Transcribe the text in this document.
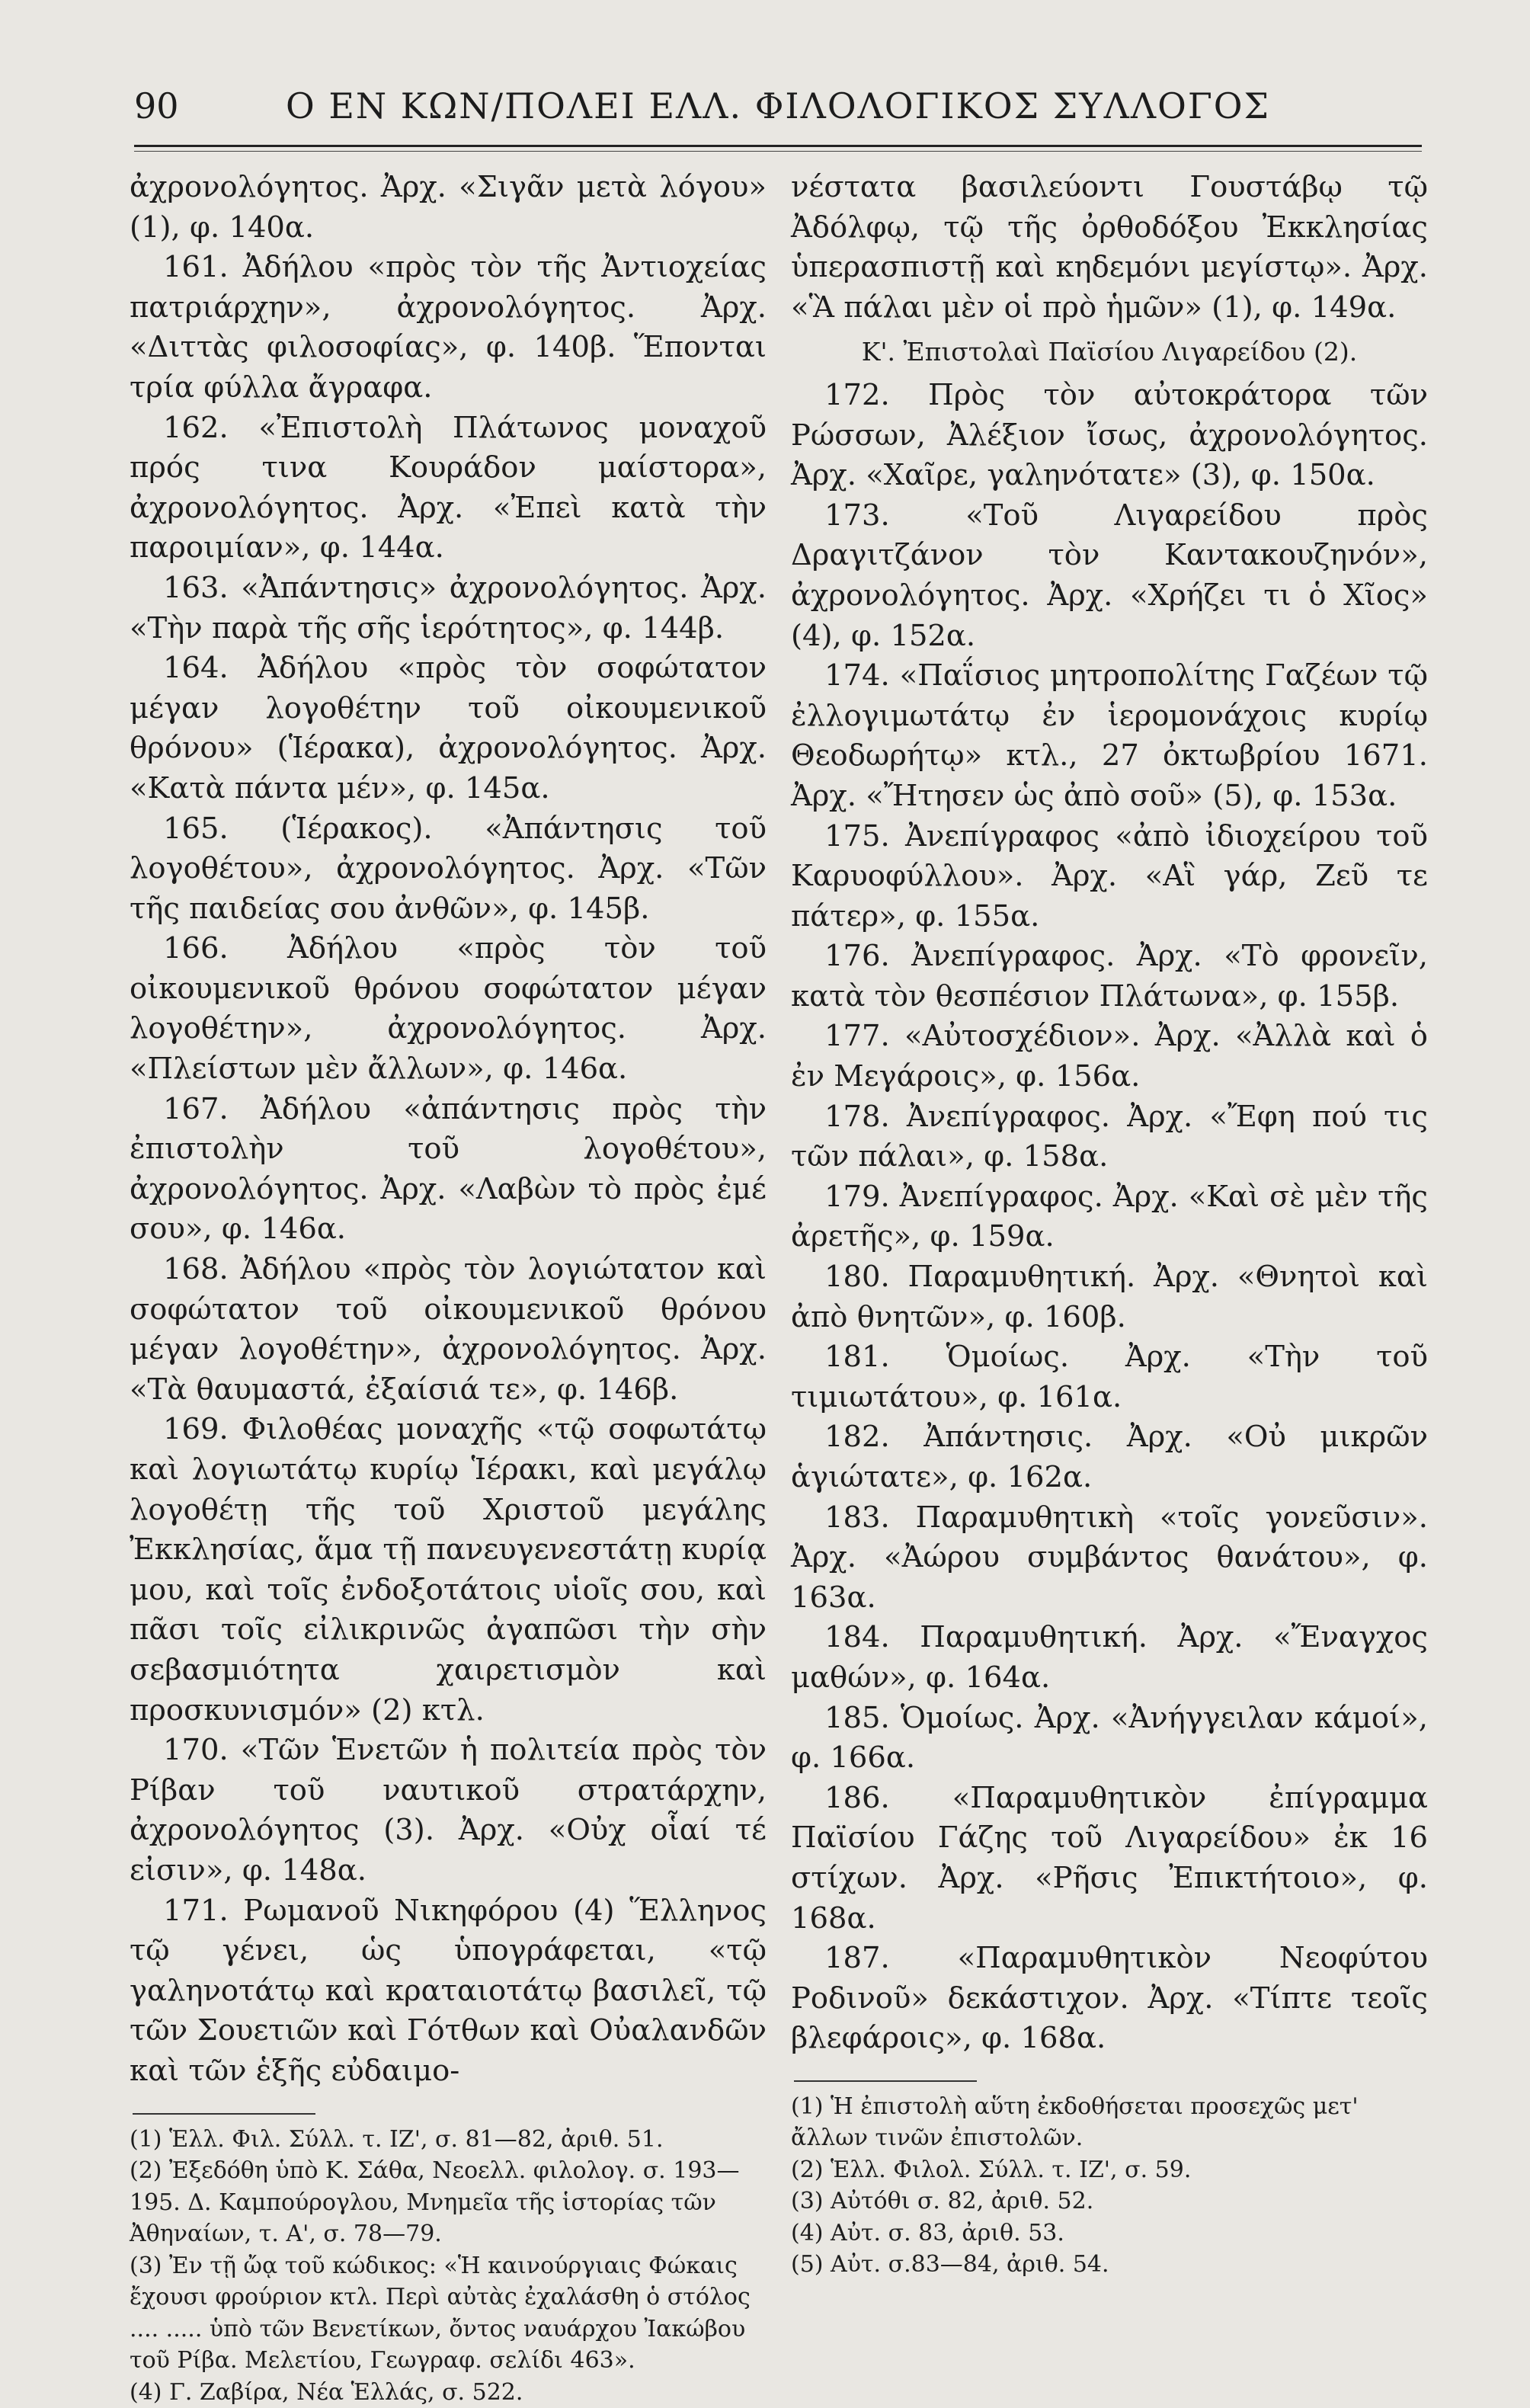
90	Ο ΕΝ ΚΩΝ/ΠΟΛΕΙ ΕΛΛ. ΦΙΛΟΛΟΓΙΚΟΣ ΣΥΛΛΟΓΟΣ

ἀχρονολόγητος. Ἀρχ. «Σιγᾶν μετὰ λόγου» (1), φ. 140α.

161. Ἀδήλου «πρὸς τὸν τῆς Ἀντιοχείας πατριάρχην», ἀχρονολόγητος. Ἀρχ. «Διττὰς φιλοσοφίας», φ. 140β. Ἕπονται τρία φύλλα ἄγραφα.

162. «Ἐπιστολὴ Πλάτωνος μοναχοῦ πρός τινα Κουράδον μαίστορα», ἀχρονολόγητος. Ἀρχ. «Ἐπεὶ κατὰ τὴν παροιμίαν», φ. 144α.

163. «Ἀπάντησις» ἀχρονολόγητος. Ἀρχ. «Τὴν παρὰ τῆς σῆς ἱερότητος», φ. 144β.

164. Ἀδήλου «πρὸς τὸν σοφώτατον μέγαν λογοθέτην τοῦ οἰκουμενικοῦ θρόνου» (Ἱέρακα), ἀχρονολόγητος. Ἀρχ. «Κατὰ πάντα μέν», φ. 145α.

165. (Ἱέρακος). «Ἀπάντησις τοῦ λογοθέτου», ἀχρονολόγητος. Ἀρχ. «Τῶν τῆς παιδείας σου ἀνθῶν», φ. 145β.

166. Ἀδήλου «πρὸς τὸν τοῦ οἰκουμενικοῦ θρόνου σοφώτατον μέγαν λογοθέτην», ἀχρονολόγητος. Ἀρχ. «Πλείστων μὲν ἄλλων», φ. 146α.

167. Ἀδήλου «ἀπάντησις πρὸς τὴν ἐπιστολὴν τοῦ λογοθέτου», ἀχρονολόγητος. Ἀρχ. «Λαβὼν τὸ πρὸς ἐμέ σου», φ. 146α.

168. Ἀδήλου «πρὸς τὸν λογιώτατον καὶ σοφώτατον τοῦ οἰκουμενικοῦ θρόνου μέγαν λογοθέτην», ἀχρονολόγητος. Ἀρχ. «Τὰ θαυμαστά, ἐξαίσιά τε», φ. 146β.

169. Φιλοθέας μοναχῆς «τῷ σοφωτάτῳ καὶ λογιωτάτῳ κυρίῳ Ἱέρακι, καὶ μεγάλῳ λογοθέτῃ τῆς τοῦ Χριστοῦ μεγάλης Ἐκκλησίας, ἅμα τῇ πανευγενεστάτῃ κυρίᾳ μου, καὶ τοῖς ἐνδοξοτάτοις υἱοῖς σου, καὶ πᾶσι τοῖς εἰλικρινῶς ἀγαπῶσι τὴν σὴν σεβασμιότητα χαιρετισμὸν καὶ προσκυνισμόν» (2) κτλ.

170. «Τῶν Ἑνετῶν ἡ πολιτεία πρὸς τὸν Ρίβαν τοῦ ναυτικοῦ στρατάρχην, ἀχρονολόγητος (3). Ἀρχ. «Οὐχ οἷαί τέ εἰσιν», φ. 148α.

171. Ρωμανοῦ Νικηφόρου (4) Ἕλληνος τῷ γένει, ὡς ὑπογράφεται, «τῷ γαληνοτάτῳ καὶ κραταιοτάτῳ βασιλεῖ, τῷ τῶν Σουετιῶν καὶ Γότθων καὶ Οὐαλανδῶν καὶ τῶν ἑξῆς εὐδαιμο-

(1) Ἑλλ. Φιλ. Σύλλ. τ. ΙΖ', σ. 81—82, ἀριθ. 51.

(2) Ἐξεδόθη ὑπὸ Κ. Σάθα, Νεοελλ. φιλολογ. σ. 193—195. Δ. Καμπούρογλου, Μνημεῖα τῆς ἱστορίας τῶν Ἀθηναίων, τ. Α', σ. 78—79.

(3) Ἐν τῇ ὤᾳ τοῦ κώδικος: «Ἡ καινούργιαις Φώκαις ἔχουσι φρούριον κτλ. Περὶ αὐτὰς ἐχαλάσθη ὁ στόλος .... ..... ὑπὸ τῶν Βενετίκων, ὄντος ναυάρχου Ἰακώβου τοῦ Ρίβα. Μελετίου, Γεωγραφ. σελίδι 463».

(4) Γ. Ζαβίρα, Νέα Ἑλλάς, σ. 522.

νέστατα βασιλεύοντι Γουστάβῳ τῷ Ἀδόλφῳ, τῷ τῆς ὀρθοδόξου Ἐκκλησίας ὑπερασπιστῇ καὶ κηδεμόνι μεγίστῳ». Ἀρχ. «Ἃ πάλαι μὲν οἱ πρὸ ἡμῶν» (1), φ. 149α.

Κ'. Ἐπιστολαὶ Παϊσίου Λιγαρείδου (2).

172. Πρὸς τὸν αὐτοκράτορα τῶν Ρώσσων, Ἀλέξιον ἴσως, ἀχρονολόγητος. Ἀρχ. «Χαῖρε, γαληνότατε» (3), φ. 150α.

173. «Τοῦ Λιγαρείδου πρὸς Δραγιτζάνον τὸν Καντακουζηνόν», ἀχρονολόγητος. Ἀρχ. «Χρήζει τι ὁ Χῖος» (4), φ. 152α.

174. «Παΐσιος μητροπολίτης Γαζέων τῷ ἐλλογιμωτάτῳ ἐν ἱερομονάχοις κυρίῳ Θεοδωρήτῳ» κτλ., 27 ὀκτωβρίου 1671. Ἀρχ. «Ἤτησεν ὡς ἀπὸ σοῦ» (5), φ. 153α.

175. Ἀνεπίγραφος «ἀπὸ ἰδιοχείρου τοῦ Καρυοφύλλου». Ἀρχ. «Αἳ γάρ, Ζεῦ τε πάτερ», φ. 155α.

176. Ἀνεπίγραφος. Ἀρχ. «Τὸ φρονεῖν, κατὰ τὸν θεσπέσιον Πλάτωνα», φ. 155β.

177. «Αὐτοσχέδιον». Ἀρχ. «Ἀλλὰ καὶ ὁ ἐν Μεγάροις», φ. 156α.

178. Ἀνεπίγραφος. Ἀρχ. «Ἔφη πού τις τῶν πάλαι», φ. 158α.

179. Ἀνεπίγραφος. Ἀρχ. «Καὶ σὲ μὲν τῆς ἀρετῆς», φ. 159α.

180. Παραμυθητική. Ἀρχ. «Θνητοὶ καὶ ἀπὸ θνητῶν», φ. 160β.

181. Ὁμοίως. Ἀρχ. «Τὴν τοῦ τιμιωτάτου», φ. 161α.

182. Ἀπάντησις. Ἀρχ. «Οὐ μικρῶν ἁγιώτατε», φ. 162α.

183. Παραμυθητικὴ «τοῖς γονεῦσιν». Ἀρχ. «Ἀώρου συμβάντος θανάτου», φ. 163α.

184. Παραμυθητική. Ἀρχ. «Ἔναγχος μαθών», φ. 164α.

185. Ὁμοίως. Ἀρχ. «Ἀνήγγειλαν κάμοί», φ. 166α.

186. «Παραμυθητικὸν ἐπίγραμμα Παϊσίου Γάζης τοῦ Λιγαρείδου» ἐκ 16 στίχων. Ἀρχ. «Ρῆσις Ἐπικτήτοιο», φ. 168α.

187. «Παραμυθητικὸν Νεοφύτου Ροδινοῦ» δεκάστιχον. Ἀρχ. «Τίπτε τεοῖς βλεφάροις», φ. 168α.

(1) Ἡ ἐπιστολὴ αὕτη ἐκδοθήσεται προσεχῶς μετ' ἄλλων τινῶν ἐπιστολῶν.

(2) Ἑλλ. Φιλολ. Σύλλ. τ. ΙΖ', σ. 59.

(3) Αὐτόθι σ. 82, ἀριθ. 52.

(4) Αὐτ. σ. 83, ἀριθ. 53.

(5) Αὐτ. σ.83—84, ἀριθ. 54.
